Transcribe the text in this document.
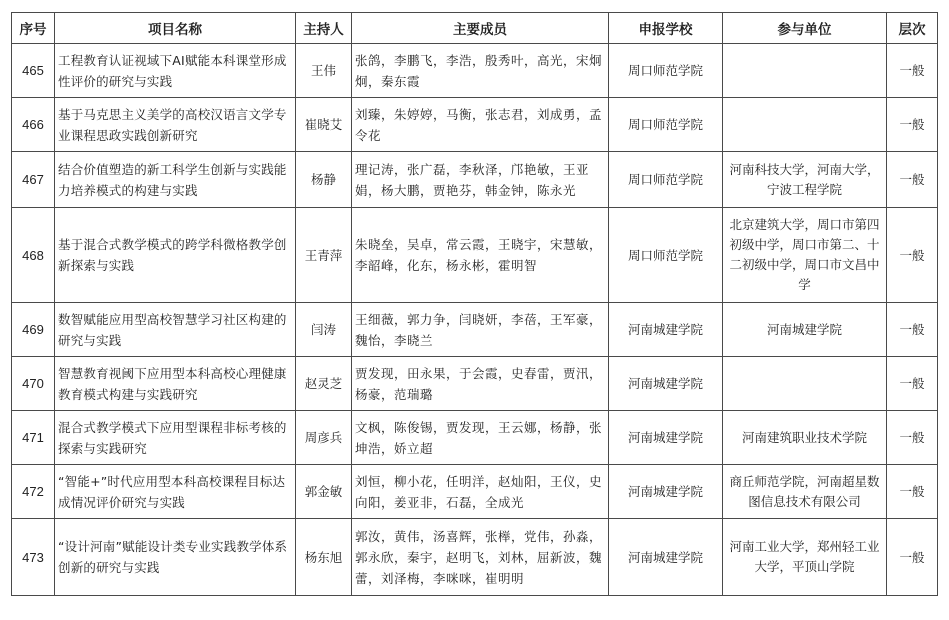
序号	项目名称	主持人	主要成员	申报学校	参与单位	层次
465	工程教育认证视域下AI赋能本科课堂形成性评价的研究与实践	王伟	张鸽，李鹏飞，李浩，殷秀叶，高光，宋炯炯，秦东霞	周口师范学院		一般
466	基于马克思主义美学的高校汉语言文学专业课程思政实践创新研究	崔晓艾	刘臻，朱婷婷，马衡，张志君，刘成勇，孟令花	周口师范学院		一般
467	结合价值塑造的新工科学生创新与实践能力培养模式的构建与实践	杨静	理记涛，张广磊，李秋泽，邝艳敏，王亚娟，杨大鹏，贾艳芬，韩金钟，陈永光	周口师范学院	河南科技大学，河南大学，宁波工程学院	一般
468	基于混合式教学模式的跨学科微格教学创新探索与实践	王青萍	朱晓垒，吴卓，常云霞，王晓宇，宋慧敏，李韶峰，化东，杨永彬，霍明智	周口师范学院	北京建筑大学，周口市第四初级中学，周口市第二、十二初级中学，周口市文昌中学	一般
469	数智赋能应用型高校智慧学习社区构建的研究与实践	闫涛	王细薇，郭力争，闫晓妍，李蓓，王军豪，魏怡，李晓兰	河南城建学院	河南城建学院	一般
470	智慧教育视阈下应用型本科高校心理健康教育模式构建与实践研究	赵灵芝	贾发现，田永果，于会霞，史春雷，贾汛，杨豪，范瑞璐	河南城建学院		一般
471	混合式教学模式下应用型课程非标考核的探索与实践研究	周彦兵	文枫，陈俊锡，贾发现，王云娜，杨静，张坤浩，娇立超	河南城建学院	河南建筑职业技术学院	一般
472	“智能+”时代应用型本科高校课程目标达成情况评价研究与实践	郭金敏	刘恒，柳小花，任明洋，赵灿阳，王仪，史向阳，姜亚非，石磊，全成光	河南城建学院	商丘师范学院，河南超星数图信息技术有限公司	一般
473	“设计河南”赋能设计类专业实践教学体系创新的研究与实践	杨东旭	郭汝，黄伟，汤喜辉，张榉，党伟，孙淼，郭永欣，秦宇，赵明飞，刘林，屈新波，魏蕾，刘泽梅，李咪咪，崔明明	河南城建学院	河南工业大学，郑州轻工业大学，平顶山学院	一般
